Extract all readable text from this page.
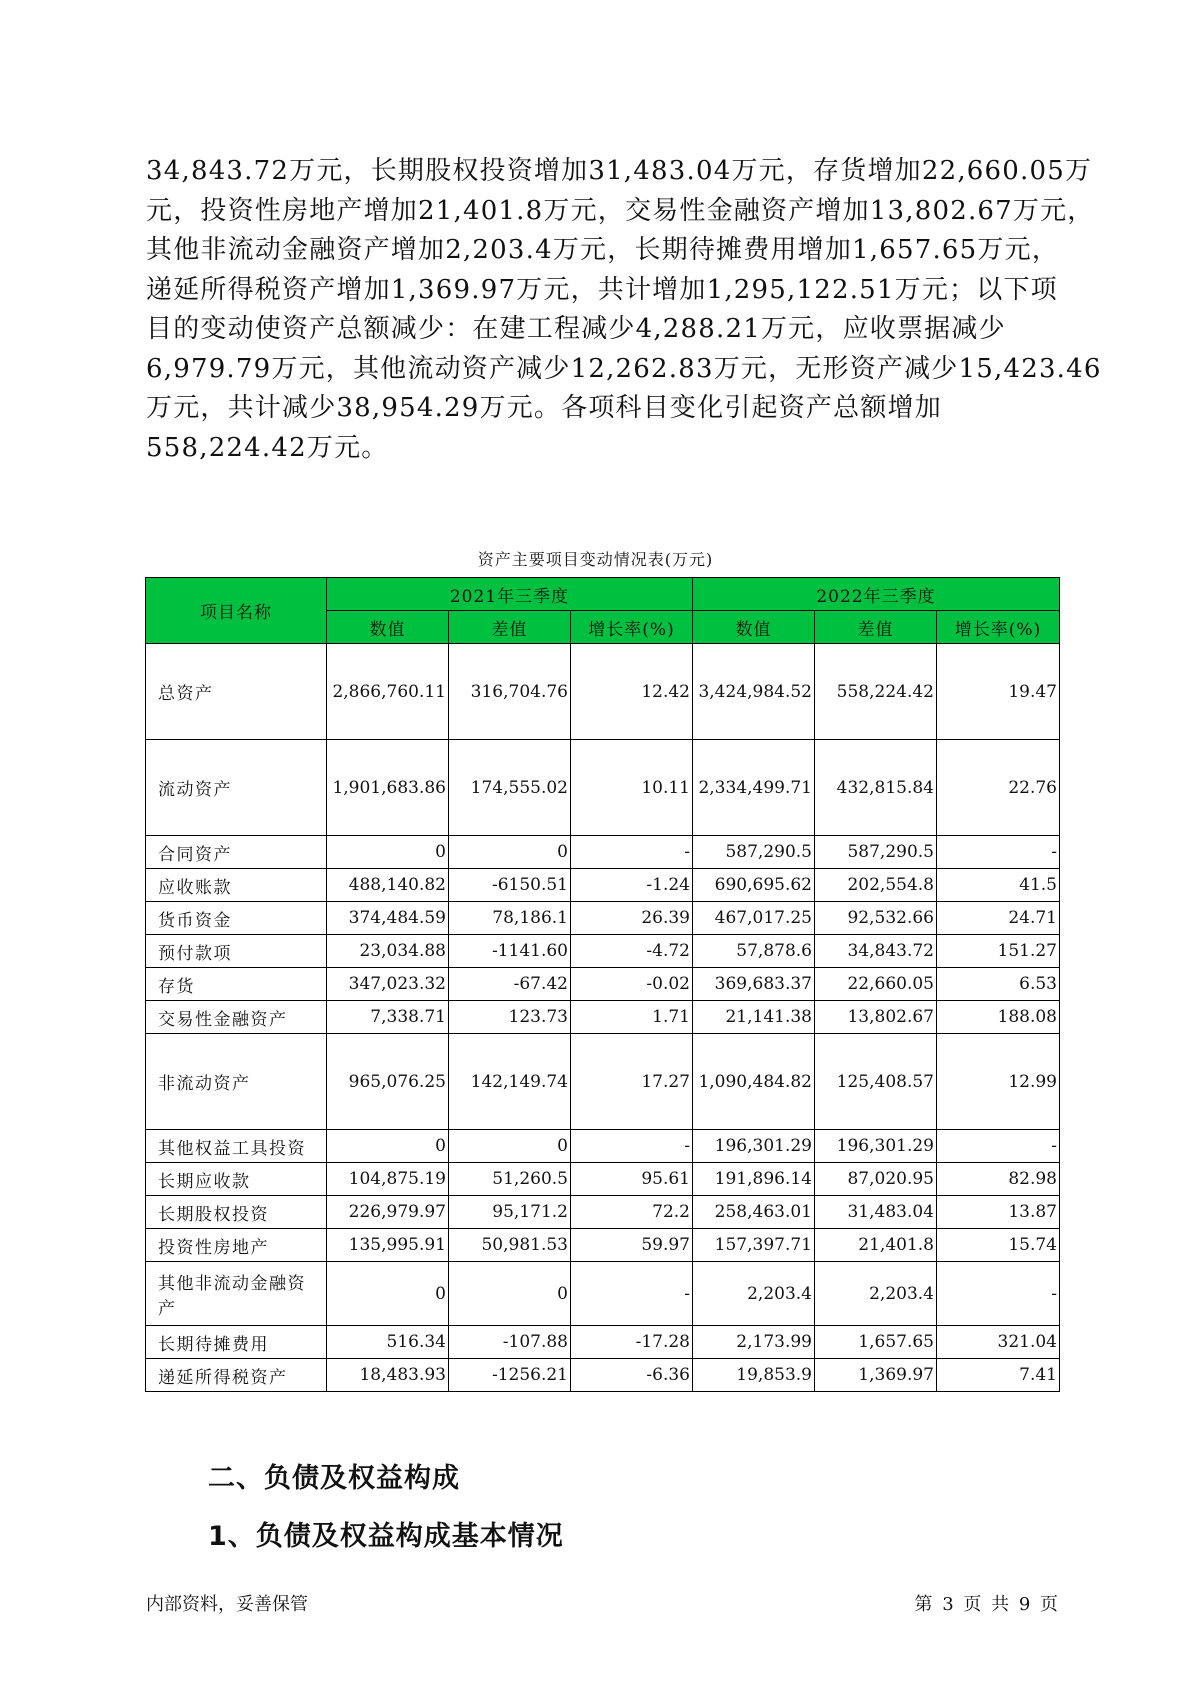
34,843.72万元，长期股权投资增加31,483.04万元，存货增加22,660.05万
元，投资性房地产增加21,401.8万元，交易性金融资产增加13,802.67万元，
其他非流动金融资产增加2,203.4万元，长期待摊费用增加1,657.65万元，
递延所得税资产增加1,369.97万元，共计增加1,295,122.51万元；以下项
目的变动使资产总额减少：在建工程减少4,288.21万元，应收票据减少
6,979.79万元，其他流动资产减少12,262.83万元，无形资产减少15,423.46
万元，共计减少38,954.29万元。各项科目变化引起资产总额增加
558,224.42万元。
资产主要项目变动情况表(万元)
项目名称	2021年三季度			2022年三季度		
	数值	差值	增长率(%)	数值	差值	增长率(%)
总资产	2,866,760.11	316,704.76	12.42	3,424,984.52	558,224.42	19.47
流动资产	1,901,683.86	174,555.02	10.11	2,334,499.71	432,815.84	22.76
合同资产	0	0	-	587,290.5	587,290.5	-
应收账款	488,140.82	-6150.51	-1.24	690,695.62	202,554.8	41.5
货币资金	374,484.59	78,186.1	26.39	467,017.25	92,532.66	24.71
预付款项	23,034.88	-1141.60	-4.72	57,878.6	34,843.72	151.27
存货	347,023.32	-67.42	-0.02	369,683.37	22,660.05	6.53
交易性金融资产	7,338.71	123.73	1.71	21,141.38	13,802.67	188.08
非流动资产	965,076.25	142,149.74	17.27	1,090,484.82	125,408.57	12.99
其他权益工具投资	0	0	-	196,301.29	196,301.29	-
长期应收款	104,875.19	51,260.5	95.61	191,896.14	87,020.95	82.98
长期股权投资	226,979.97	95,171.2	72.2	258,463.01	31,483.04	13.87
投资性房地产	135,995.91	50,981.53	59.97	157,397.71	21,401.8	15.74
其他非流动金融资产	0	0	-	2,203.4	2,203.4	-
长期待摊费用	516.34	-107.88	-17.28	2,173.99	1,657.65	321.04
递延所得税资产	18,483.93	-1256.21	-6.36	19,853.9	1,369.97	7.41
二、负债及权益构成
1、负债及权益构成基本情况
内部资料，妥善保管	第 3 页 共 9 页
